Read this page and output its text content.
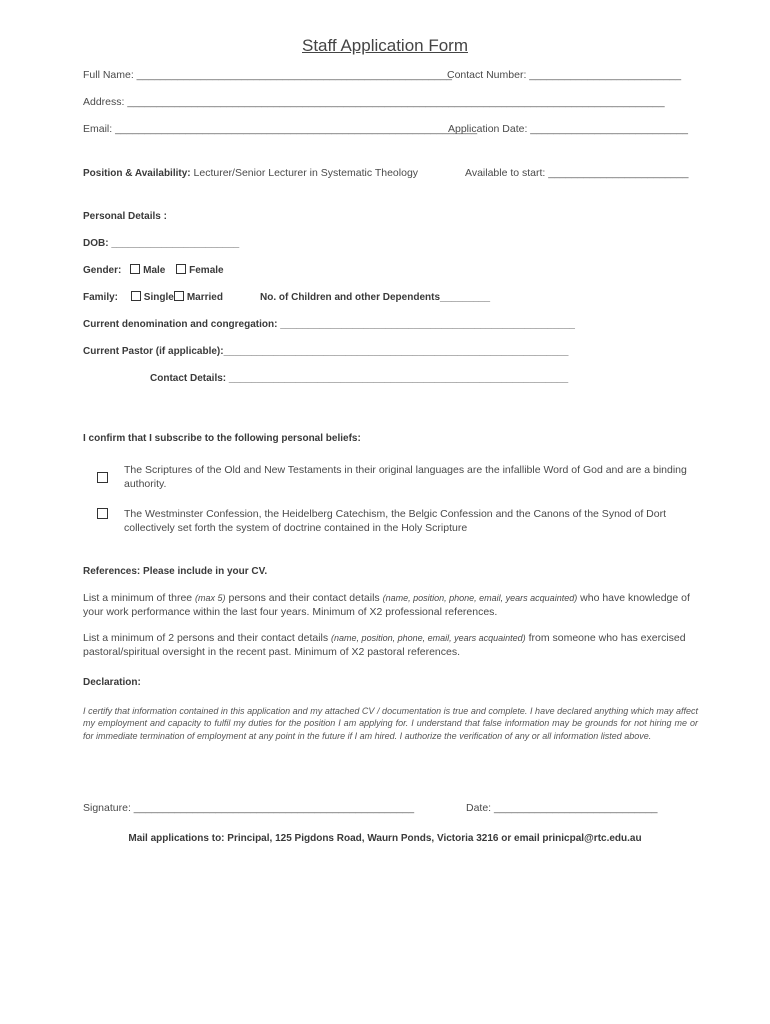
Staff Application Form
Full Name: ______________________________________________________
Contact Number: __________________________
Address: ____________________________________________________________________________________________
Email: ______________________________________________________________
Application Date: ___________________________
Position & Availability: Lecturer/Senior Lecturer in Systematic Theology	Available to start: ________________________
Personal Details :
DOB: _______________________
Gender: Male Female
Family:	Single Married	No. of Children and other Dependents_________
Current denomination and congregation: _____________________________________________________
Current Pastor (if applicable):______________________________________________________________
Contact Details: _____________________________________________________________
I confirm that I subscribe to the following personal beliefs:
The Scriptures of the Old and New Testaments in their original languages are the infallible Word of God and are a binding authority.
The Westminster Confession, the Heidelberg Catechism, the Belgic Confession and the Canons of the Synod of Dort collectively set forth the system of doctrine contained in the Holy Scripture
References: Please include in your CV.
List a minimum of three (max 5) persons and their contact details (name, position, phone, email, years acquainted) who have knowledge of your work performance within the last four years. Minimum of X2 professional references.
List a minimum of 2 persons and their contact details (name, position, phone, email, years acquainted) from someone who has exercised pastoral/spiritual oversight in the recent past. Minimum of X2 pastoral references.
Declaration:
I certify that information contained in this application and my attached CV / documentation is true and complete. I have declared anything which may affect my employment and capacity to fulfil my duties for the position I am applying for. I understand that false information may be grounds for not hiring me or for immediate termination of employment at any point in the future if I am hired. I authorize the verification of any or all information listed above.
Signature: ________________________________________________	Date: ____________________________
Mail applications to: Principal, 125 Pigdons Road, Waurn Ponds, Victoria 3216 or email prinicpal@rtc.edu.au
